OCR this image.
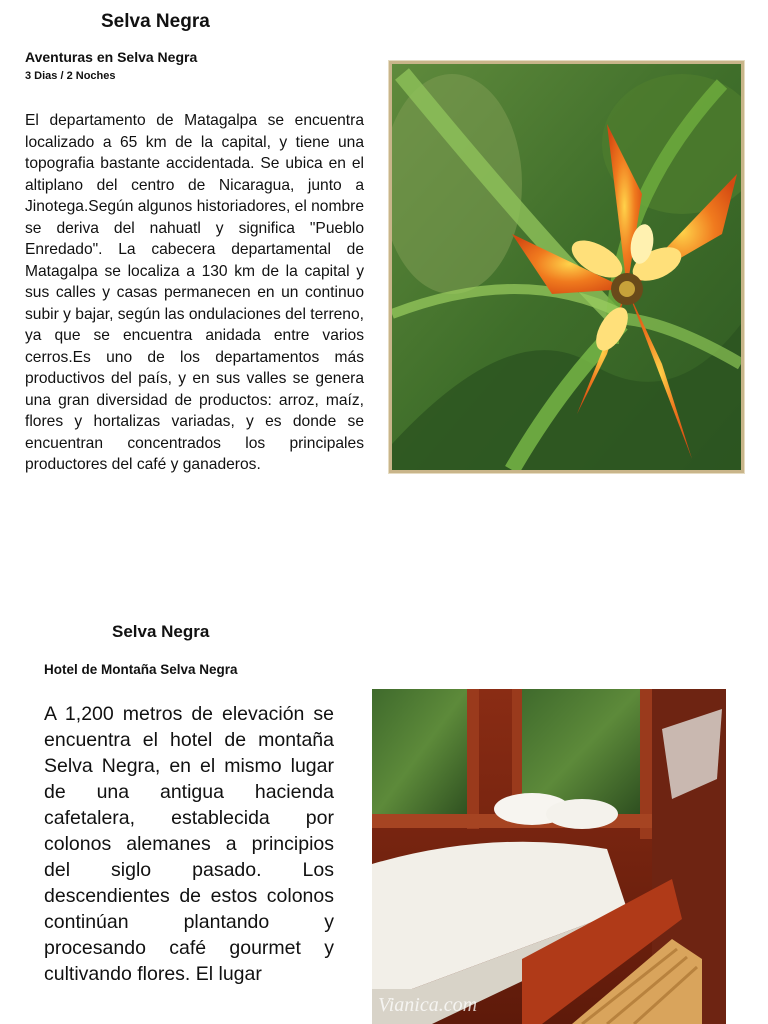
Selva Negra
Aventuras en Selva Negra
3 Dias / 2 Noches
El departamento de Matagalpa se encuentra localizado a 65 km de la capital, y tiene una topografia bastante accidentada. Se ubica en el altiplano del centro de Nicaragua, junto a Jinotega.Según algunos historiadores, el nombre se deriva del nahuatl y significa "Pueblo Enredado". La cabecera departamental de Matagalpa se localiza a 130 km de la capital y sus calles y casas permanecen en un continuo subir y bajar, según las ondulaciones del terreno, ya que se encuentra anidada entre varios cerros.Es uno de los departamentos más productivos del país, y en sus valles se genera una gran diversidad de productos: arroz, maíz, flores y hortalizas variadas, y es donde se encuentran concentrados los principales productores del café y ganaderos.
Selva Negra
Hotel de Montaña Selva Negra
A 1,200 metros de elevación se encuentra el hotel de montaña Selva Negra, en el mismo lugar de una antigua hacienda cafetalera, establecida por colonos alemanes a principios del siglo pasado. Los descendientes de estos colonos continúan plantando y procesando café gourmet y cultivando flores. El lugar
Vianica.com
